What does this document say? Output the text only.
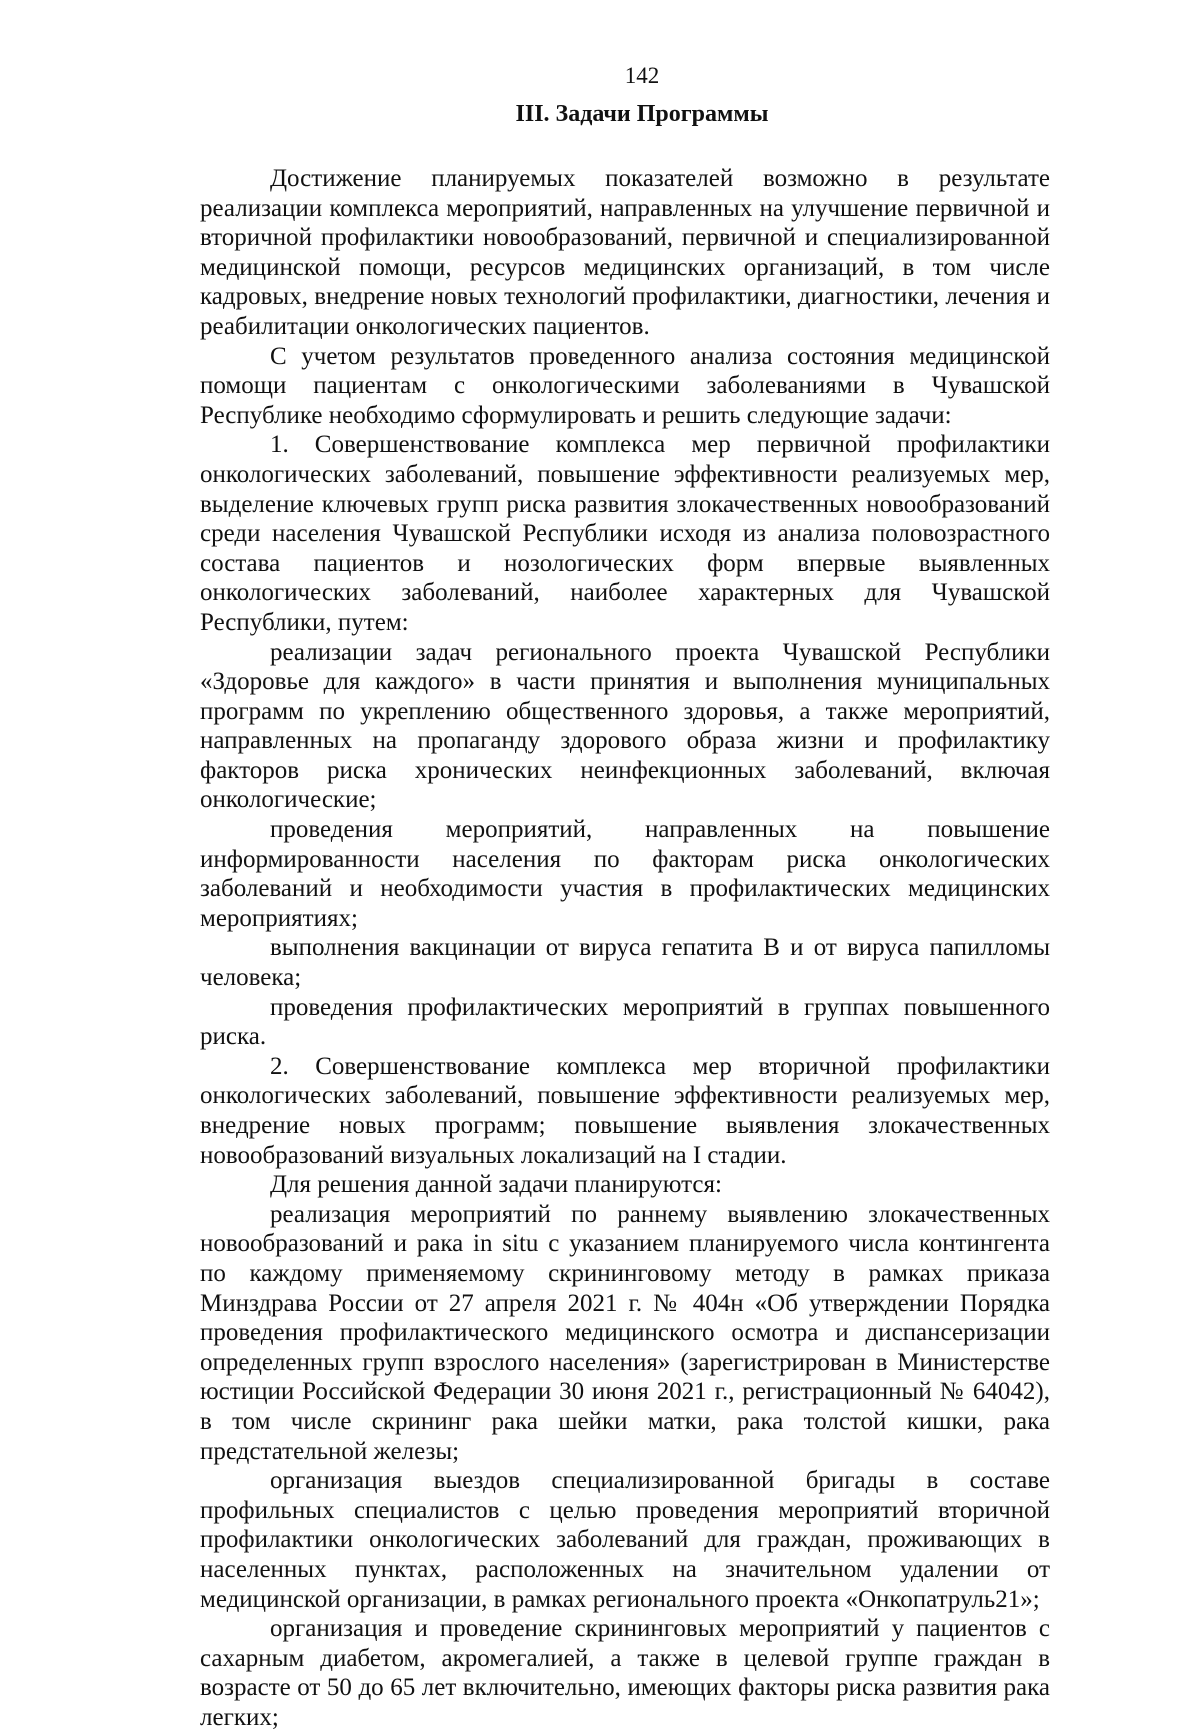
142
III. Задачи Программы

Достижение планируемых показателей возможно в результате реализации комплекса мероприятий, направленных на улучшение первичной и вторичной профилактики новообразований, первичной и специализированной медицинской помощи, ресурсов медицинских организаций, в том числе кадровых, внедрение новых технологий профилактики, диагностики, лечения и реабилитации онкологических пациентов.

С учетом результатов проведенного анализа состояния медицинской помощи пациентам с онкологическими заболеваниями в Чувашской Республике необходимо сформулировать и решить следующие задачи:

1. Совершенствование комплекса мер первичной профилактики онкологических заболеваний, повышение эффективности реализуемых мер, выделение ключевых групп риска развития злокачественных новообразований среди населения Чувашской Республики исходя из анализа половозрастного состава пациентов и нозологических форм впервые выявленных онкологических заболеваний, наиболее характерных для Чувашской Республики, путем:

реализации задач регионального проекта Чувашской Республики «Здоровье для каждого» в части принятия и выполнения муниципальных программ по укреплению общественного здоровья, а также мероприятий, направленных на пропаганду здорового образа жизни и профилактику факторов риска хронических неинфекционных заболеваний, включая онкологические;

проведения мероприятий, направленных на повышение информированности населения по факторам риска онкологических заболеваний и необходимости участия в профилактических медицинских мероприятиях;

выполнения вакцинации от вируса гепатита В и от вируса папилломы человека;

проведения профилактических мероприятий в группах повышенного риска.

2. Совершенствование комплекса мер вторичной профилактики онкологических заболеваний, повышение эффективности реализуемых мер, внедрение новых программ; повышение выявления злокачественных новообразований визуальных локализаций на I стадии.

Для решения данной задачи планируются:

реализация мероприятий по раннему выявлению злокачественных новообразований и рака in situ с указанием планируемого числа контингента по каждому применяемому скрининговому методу в рамках приказа Минздрава России от 27 апреля 2021 г. № 404н «Об утверждении Порядка проведения профилактического медицинского осмотра и диспансеризации определенных групп взрослого населения» (зарегистрирован в Министерстве юстиции Российской Федерации 30 июня 2021 г., регистрационный № 64042), в том числе скрининг рака шейки матки, рака толстой кишки, рака предстательной железы;

организация выездов специализированной бригады в составе профильных специалистов с целью проведения мероприятий вторичной профилактики онкологических заболеваний для граждан, проживающих в населенных пунктах, расположенных на значительном удалении от медицинской организации, в рамках регионального проекта «Онкопатруль21»;

организация и проведение скрининговых мероприятий у пациентов с сахарным диабетом, акромегалией, а также в целевой группе граждан в возрасте от 50 до 65 лет включительно, имеющих факторы риска развития рака легких;
